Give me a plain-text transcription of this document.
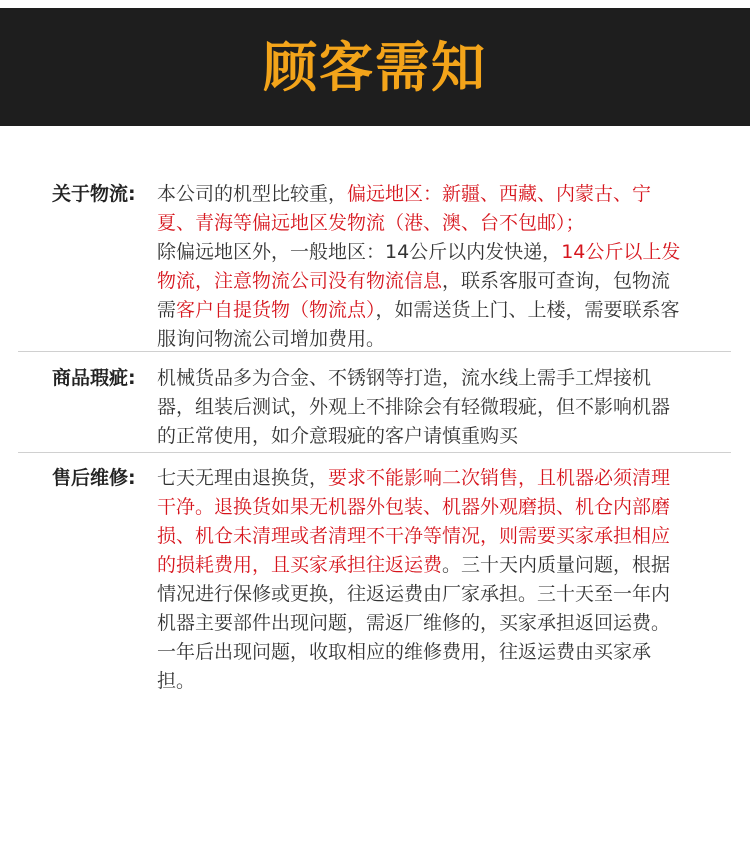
顾客需知
关于物流:	本公司的机型比较重，偏远地区：新疆、西藏、内蒙古、宁夏、青海等偏远地区发物流（港、澳、台不包邮）；
除偏远地区外，一般地区：14公斤以内发快递，14公斤以上发物流，注意物流公司没有物流信息，联系客服可查询，包物流需客户自提货物（物流点），如需送货上门、上楼，需要联系客服询问物流公司增加费用。
商品瑕疵:	机械货品多为合金、不锈钢等打造，流水线上需手工焊接机器，组装后测试，外观上不排除会有轻微瑕疵，但不影响机器的正常使用，如介意瑕疵的客户请慎重购买
售后维修:	七天无理由退换货，要求不能影响二次销售，且机器必须清理干净。退换货如果无机器外包装、机器外观磨损、机仓内部磨损、机仓未清理或者清理不干净等情况，则需要买家承担相应的损耗费用，且买家承担往返运费。三十天内质量问题，根据情况进行保修或更换，往返运费由厂家承担。三十天至一年内机器主要部件出现问题，需返厂维修的，买家承担返回运费。一年后出现问题，收取相应的维修费用，往返运费由买家承担。
